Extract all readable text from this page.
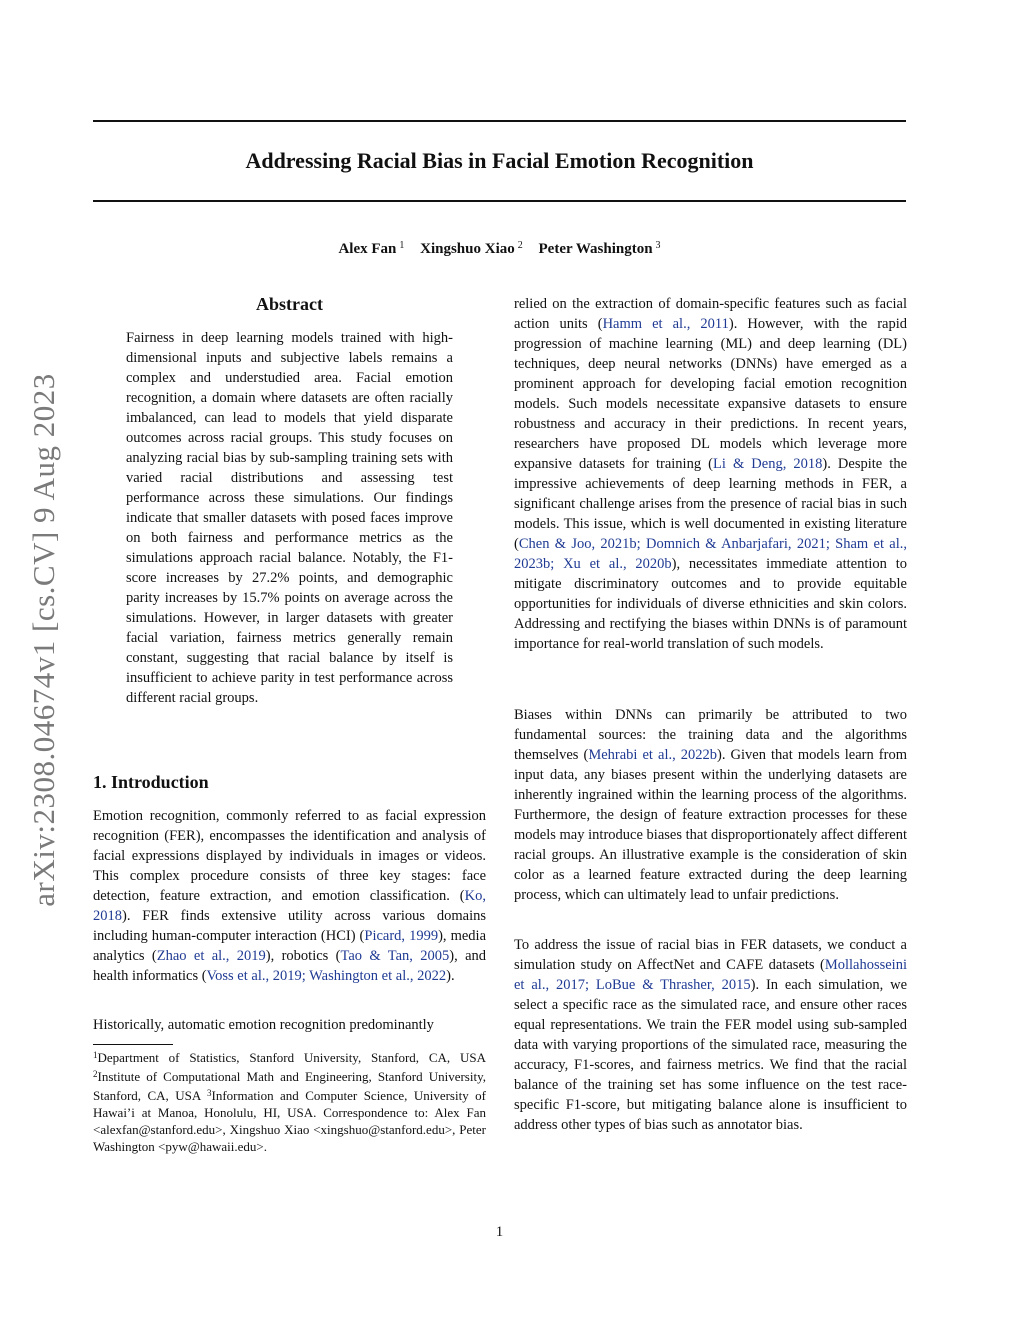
Addressing Racial Bias in Facial Emotion Recognition
Alex Fan $^1$ Xingshuo Xiao $^2$ Peter Washington $^3$
arXiv:2308.04674v1 [cs.CV] 9 Aug 2023
Abstract

Fairness in deep learning models trained with high-dimensional inputs and subjective labels remains a complex and understudied area. Facial emotion recognition, a domain where datasets are often racially imbalanced, can lead to models that yield disparate outcomes across racial groups. This study focuses on analyzing racial bias by sub-sampling training sets with varied racial distributions and assessing test performance across these simulations. Our findings indicate that smaller datasets with posed faces improve on both fairness and performance metrics as the simulations approach racial balance. Notably, the F1-score increases by 27.2% points, and demographic parity increases by 15.7% points on average across the simulations. However, in larger datasets with greater facial variation, fairness metrics generally remain constant, suggesting that racial balance by itself is insufficient to achieve parity in test performance across different racial groups.

1. Introduction

Emotion recognition, commonly referred to as facial expression recognition (FER), encompasses the identification and analysis of facial expressions displayed by individuals in images or videos. This complex procedure consists of three key stages: face detection, feature extraction, and emotion classification. (Ko, 2018). FER finds extensive utility across various domains including human-computer interaction (HCI) (Picard, 1999), media analytics (Zhao et al., 2019), robotics (Tao & Tan, 2005), and health informatics (Voss et al., 2019; Washington et al., 2022).

Historically, automatic emotion recognition predominantly

$^1$Department of Statistics, Stanford University, Stanford, CA, USA $^2$Institute of Computational Math and Engineering, Stanford University, Stanford, CA, USA $^3$Information and Computer Science, University of Hawai’i at Manoa, Honolulu, HI, USA. Correspondence to: Alex Fan <alexfan@stanford.edu>, Xingshuo Xiao <xingshuo@stanford.edu>, Peter Washington <pyw@hawaii.edu>.

relied on the extraction of domain-specific features such as facial action units (Hamm et al., 2011). However, with the rapid progression of machine learning (ML) and deep learning (DL) techniques, deep neural networks (DNNs) have emerged as a prominent approach for developing facial emotion recognition models. Such models necessitate expansive datasets to ensure robustness and accuracy in their predictions. In recent years, researchers have proposed DL models which leverage more expansive datasets for training (Li & Deng, 2018). Despite the impressive achievements of deep learning methods in FER, a significant challenge arises from the presence of racial bias in such models. This issue, which is well documented in existing literature (Chen & Joo, 2021b; Domnich & Anbarjafari, 2021; Sham et al., 2023b; Xu et al., 2020b), necessitates immediate attention to mitigate discriminatory outcomes and to provide equitable opportunities for individuals of diverse ethnicities and skin colors. Addressing and rectifying the biases within DNNs is of paramount importance for real-world translation of such models.

Biases within DNNs can primarily be attributed to two fundamental sources: the training data and the algorithms themselves (Mehrabi et al., 2022b). Given that models learn from input data, any biases present within the underlying datasets are inherently ingrained within the learning process of the algorithms. Furthermore, the design of feature extraction processes for these models may introduce biases that disproportionately affect different racial groups. An illustrative example is the consideration of skin color as a learned feature extracted during the deep learning process, which can ultimately lead to unfair predictions.

To address the issue of racial bias in FER datasets, we conduct a simulation study on AffectNet and CAFE datasets (Mollahosseini et al., 2017; LoBue & Thrasher, 2015). In each simulation, we select a specific race as the simulated race, and ensure other races equal representations. We train the FER model using sub-sampled data with varying proportions of the simulated race, measuring the accuracy, F1-scores, and fairness metrics. We find that the racial balance of the training set has some influence on the test race-specific F1-score, but mitigating balance alone is insufficient to address other types of bias such as annotator bias.

1
